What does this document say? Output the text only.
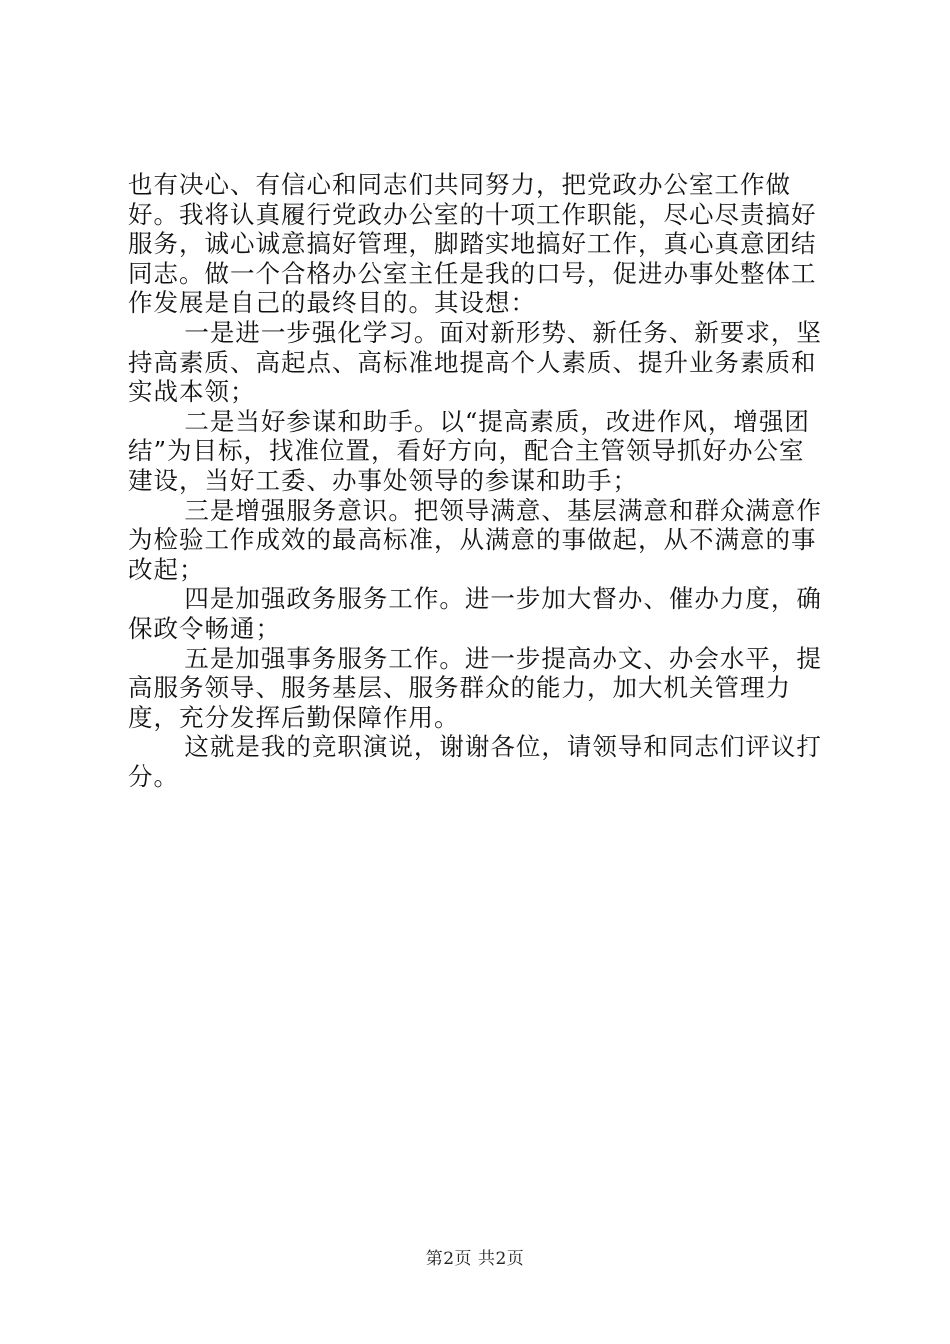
也有决心、有信心和同志们共同努力，把党政办公室工作做好。我将认真履行党政办公室的十项工作职能，尽心尽责搞好服务，诚心诚意搞好管理，脚踏实地搞好工作，真心真意团结同志。做一个合格办公室主任是我的口号，促进办事处整体工作发展是自己的最终目的。其设想：

一是进一步强化学习。面对新形势、新任务、新要求，坚持高素质、高起点、高标准地提高个人素质、提升业务素质和实战本领；

二是当好参谋和助手。以“提高素质，改进作风，增强团结”为目标，找准位置，看好方向，配合主管领导抓好办公室建设，当好工委、办事处领导的参谋和助手；

三是增强服务意识。把领导满意、基层满意和群众满意作为检验工作成效的最高标准，从满意的事做起，从不满意的事改起；

四是加强政务服务工作。进一步加大督办、催办力度，确保政令畅通；

五是加强事务服务工作。进一步提高办文、办会水平，提高服务领导、服务基层、服务群众的能力，加大机关管理力度，充分发挥后勤保障作用。

这就是我的竞职演说，谢谢各位，请领导和同志们评议打分。

第2页 共2页
